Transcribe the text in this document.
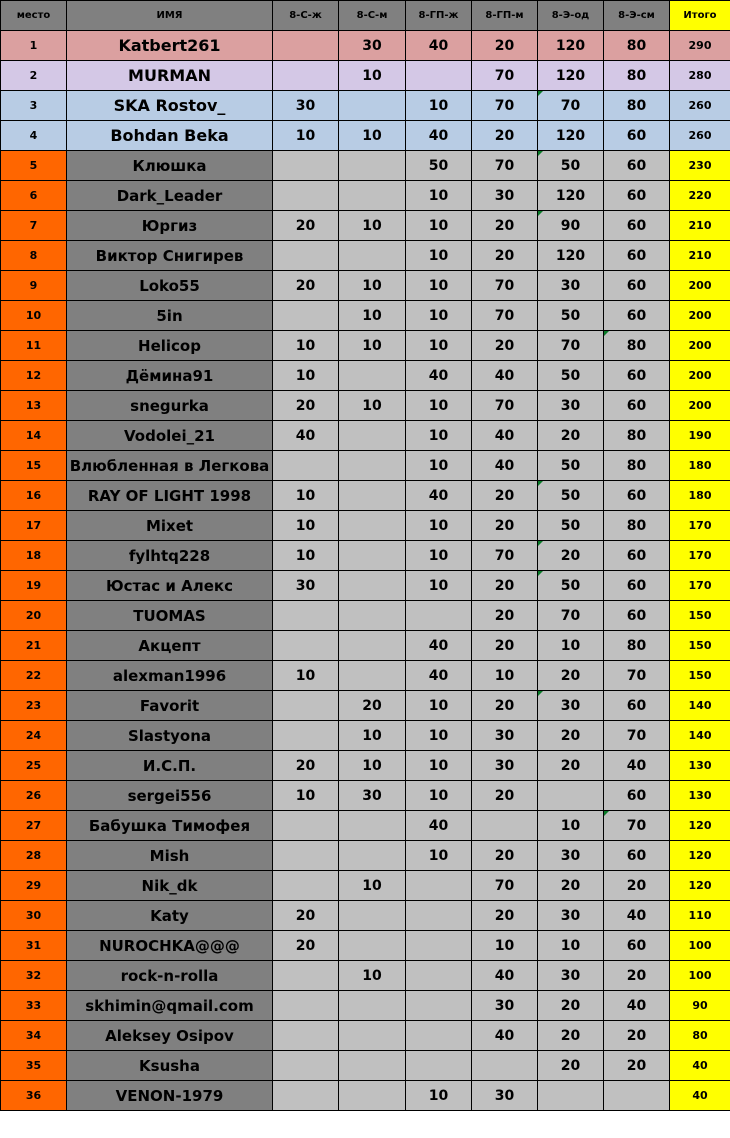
место	ИМЯ	8-С-ж	8-С-м	8-ГП-ж	8-ГП-м	8-Э-од	8-Э-см	Итого
1	Katbert261		30	40	20	120	80	290
2	MURMAN		10		70	120	80	280
3	SKA Rostov_	30		10	70	70	80	260
4	Bohdan Beka	10	10	40	20	120	60	260
5	Клюшка			50	70	50	60	230
6	Dark_Leader			10	30	120	60	220
7	Юргиз	20	10	10	20	90	60	210
8	Виктор Снигирев			10	20	120	60	210
9	Loko55	20	10	10	70	30	60	200
10	5in		10	10	70	50	60	200
11	Helicop	10	10	10	20	70	80	200
12	Дёмина91	10		40	40	50	60	200
13	snegurka	20	10	10	70	30	60	200
14	Vodolei_21	40		10	40	20	80	190
15	Влюбленная в Легкова			10	40	50	80	180
16	RAY OF LIGHT 1998	10		40	20	50	60	180
17	Mixet	10		10	20	50	80	170
18	fylhtq228	10		10	70	20	60	170
19	Юстас и Алекс	30		10	20	50	60	170
20	TUOMAS				20	70	60	150
21	Акцепт			40	20	10	80	150
22	alexman1996	10		40	10	20	70	150
23	Favorit		20	10	20	30	60	140
24	Slastyona		10	10	30	20	70	140
25	И.С.П.	20	10	10	30	20	40	130
26	sergei556	10	30	10	20		60	130
27	Бабушка Тимофея			40		10	70	120
28	Mish			10	20	30	60	120
29	Nik_dk		10		70	20	20	120
30	Katy	20			20	30	40	110
31	NUROCHKA@@@	20			10	10	60	100
32	rock-n-rolla		10		40	30	20	100
33	skhimin@qmail.com				30	20	40	90
34	Aleksey Osipov				40	20	20	80
35	Ksusha					20	20	40
36	VENON-1979			10	30			40
